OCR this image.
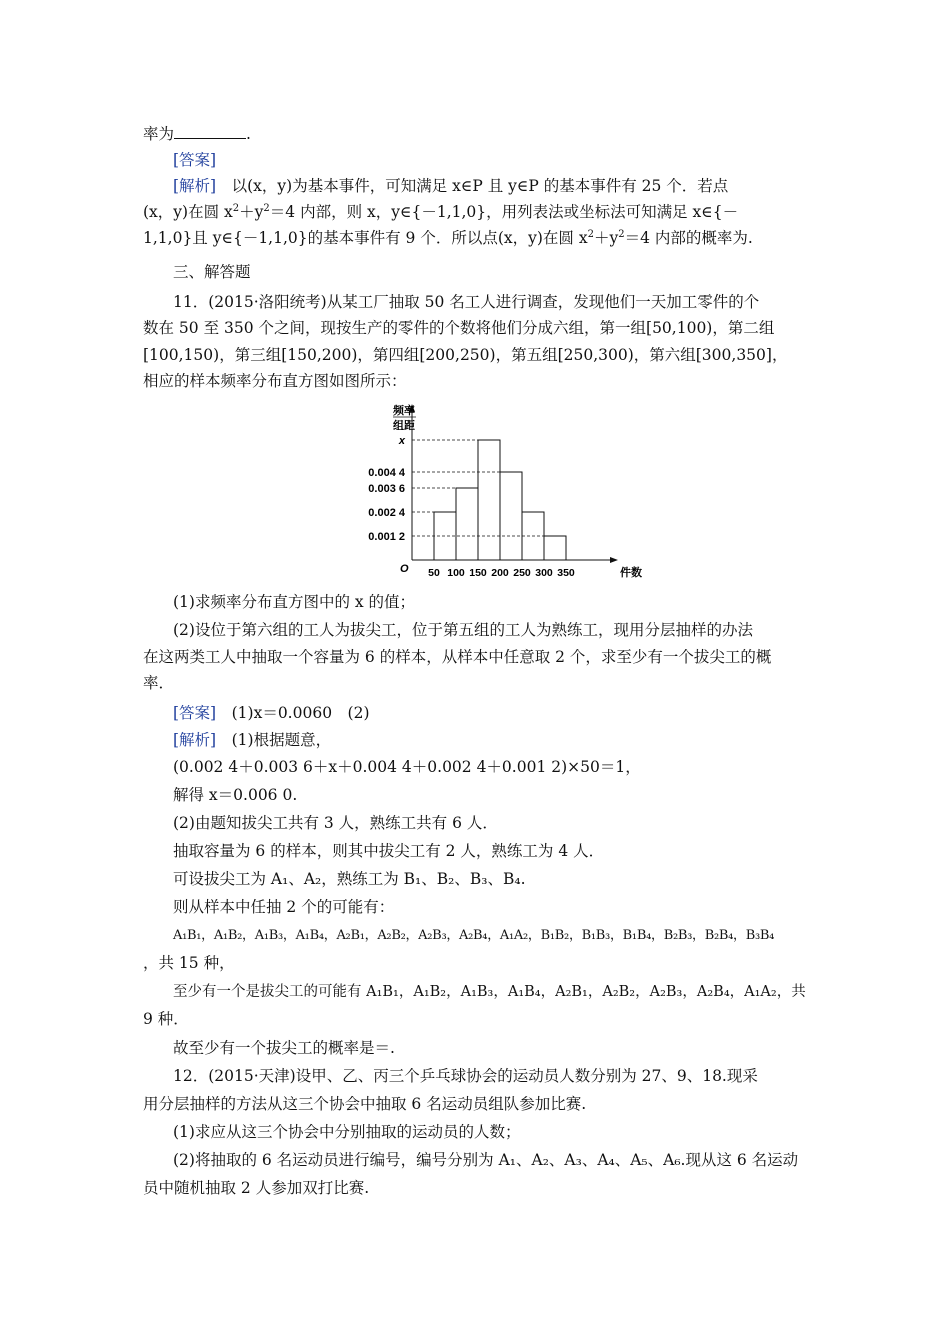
率为	.
[答案]
[解析]　 以(x，y)为基本事件，可知满足 x∈P 且 y∈P 的基本事件有 25 个．若点
(x，y)在圆 $x^2+y^2=4$ 内部，则 x，y∈{－1,1,0}，用列表法或坐标法可知满足 x∈{－
1,1,0}且 y∈{－1,1,0}的基本事件有 9 个．所以点(x，y)在圆 $x^2+y^2=4$ 内部的概率为.
三、解答题
11．(2015·洛阳统考)从某工厂抽取 50 名工人进行调查，发现他们一天加工零件的个
数在 50 至 350 个之间，现按生产的零件的个数将他们分成六组，第一组[50,100)，第二组
[100,150)，第三组[150,200)，第四组[200,250)，第五组[250,300)，第六组[300,350]，
相应的样本频率分布直方图如图所示：
O
频率
组距
件数
0.001 2
0.002 4
0.003 6
0.004 4
x
50 100 150 200 250 300 350
(1)求频率分布直方图中的 x 的值；
(2)设位于第六组的工人为拔尖工，位于第五组的工人为熟练工，现用分层抽样的办法
在这两类工人中抽取一个容量为 6 的样本，从样本中任意取 2 个，求至少有一个拔尖工的概
率．
[答案]　 (1)x＝0.0060　(2)
[解析]　 (1)根据题意，
(0.002 4＋0.003 6＋x＋0.004 4＋0.002 4＋0.001 2)×50＝1，
解得 x＝0.006 0.
(2)由题知拔尖工共有 3 人，熟练工共有 6 人．
抽取容量为 6 的样本，则其中拔尖工有 2 人，熟练工为 4 人．
可设拔尖工为 A₁、A₂，熟练工为 B₁、B₂、B₃、B₄.
则从样本中任抽 2 个的可能有：
A₁B₁，A₁B₂，A₁B₃，A₁B₄，A₂B₁，A₂B₂，A₂B₃，A₂B₄，A₁A₂，B₁B₂，B₁B₃，B₁B₄，B₂B₃，B₂B₄，B₃B₄
，共 15 种，
至少有一个是拔尖工的可能有 A₁B₁，A₁B₂，A₁B₃，A₁B₄，A₂B₁，A₂B₂，A₂B₃，A₂B₄，A₁A₂，共
9 种．
故至少有一个拔尖工的概率是＝.
12．(2015·天津)设甲、乙、丙三个乒乓球协会的运动员人数分别为 27、9、18.现采
用分层抽样的方法从这三个协会中抽取 6 名运动员组队参加比赛.
(1)求应从这三个协会中分别抽取的运动员的人数；
(2)将抽取的 6 名运动员进行编号，编号分别为 A₁、A₂、A₃、A₄、A₅、A₆.现从这 6 名运动
员中随机抽取 2 人参加双打比赛.
